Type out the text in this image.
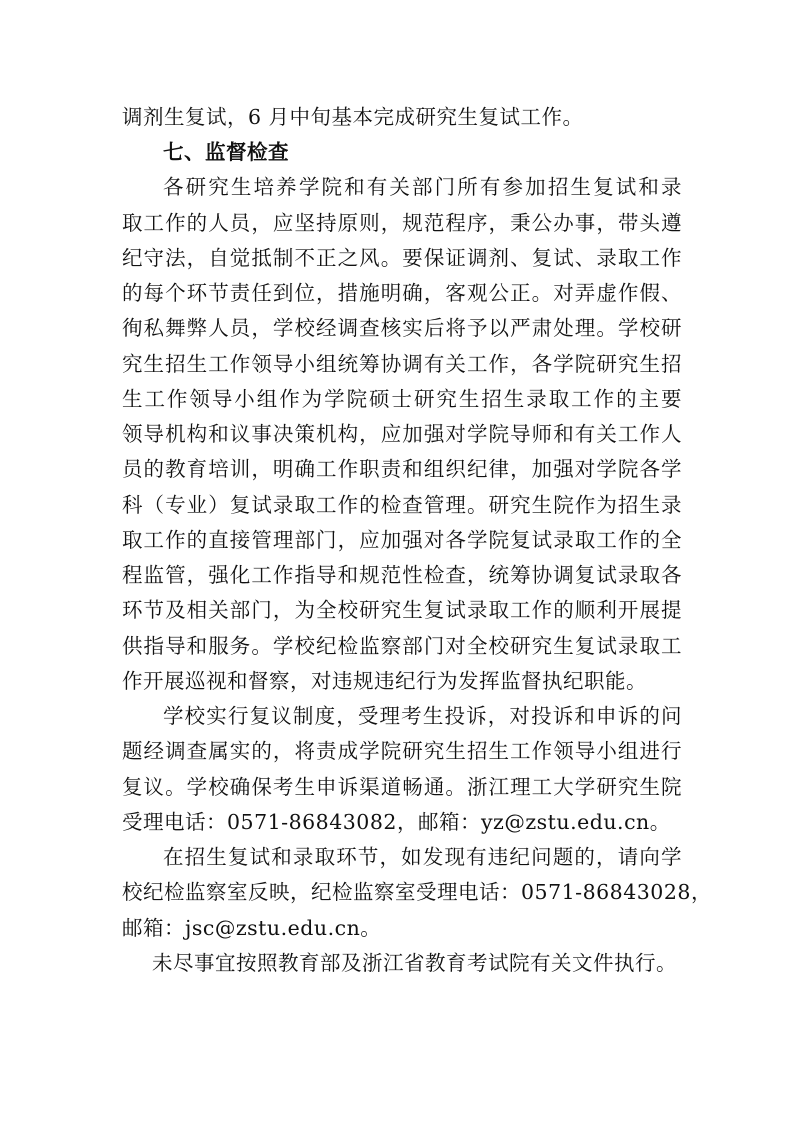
调剂生复试，6 月中旬基本完成研究生复试工作。
七、监督检查
各研究生培养学院和有关部门所有参加招生复试和录
取工作的人员，应坚持原则，规范程序，秉公办事，带头遵
纪守法，自觉抵制不正之风。要保证调剂、复试、录取工作
的每个环节责任到位，措施明确，客观公正。对弄虚作假、
徇私舞弊人员，学校经调查核实后将予以严肃处理。学校研
究生招生工作领导小组统筹协调有关工作，各学院研究生招
生工作领导小组作为学院硕士研究生招生录取工作的主要
领导机构和议事决策机构，应加强对学院导师和有关工作人
员的教育培训，明确工作职责和组织纪律，加强对学院各学
科（专业）复试录取工作的检查管理。研究生院作为招生录
取工作的直接管理部门，应加强对各学院复试录取工作的全
程监管，强化工作指导和规范性检查，统筹协调复试录取各
环节及相关部门，为全校研究生复试录取工作的顺利开展提
供指导和服务。学校纪检监察部门对全校研究生复试录取工
作开展巡视和督察，对违规违纪行为发挥监督执纪职能。
学校实行复议制度，受理考生投诉，对投诉和申诉的问
题经调查属实的，将责成学院研究生招生工作领导小组进行
复议。学校确保考生申诉渠道畅通。浙江理工大学研究生院
受理电话：0571-86843082，邮箱：yz@zstu.edu.cn。
在招生复试和录取环节，如发现有违纪问题的，请向学
校纪检监察室反映，纪检监察室受理电话：0571-86843028，
邮箱：jsc@zstu.edu.cn。
未尽事宜按照教育部及浙江省教育考试院有关文件执行。
